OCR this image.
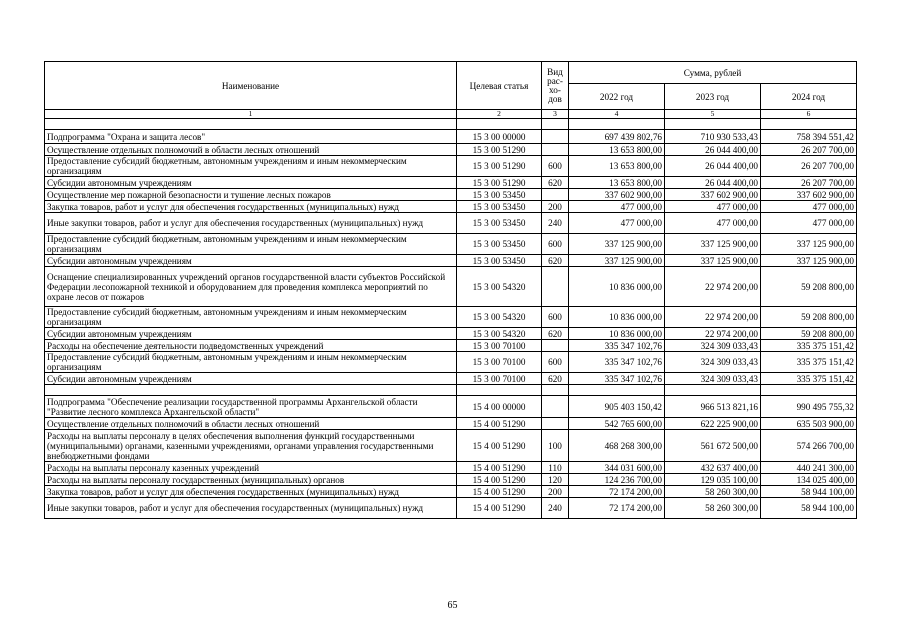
Наименование	Целевая статья	Вид
рас-
хо-
дов	Сумма, рублей		
			2022 год	2023 год	2024 год
1	2	3	4	5	6

Подпрограмма "Охрана и защита лесов"	15 3 00 00000		697 439 802,76	710 930 533,43	758 394 551,42
Осуществление отдельных полномочий в области лесных отношений	15 3 00 51290		13 653 800,00	26 044 400,00	26 207 700,00
Предоставление субсидий бюджетным, автономным учреждениям и иным некоммерческим организациям	15 3 00 51290	600	13 653 800,00	26 044 400,00	26 207 700,00
Субсидии автономным учреждениям	15 3 00 51290	620	13 653 800,00	26 044 400,00	26 207 700,00
Осуществление мер пожарной безопасности и тушение лесных пожаров	15 3 00 53450		337 602 900,00	337 602 900,00	337 602 900,00
Закупка товаров, работ и услуг для обеспечения государственных (муниципальных) нужд	15 3 00 53450	200	477 000,00	477 000,00	477 000,00
Иные закупки товаров, работ и услуг для обеспечения государственных (муниципальных) нужд	15 3 00 53450	240	477 000,00	477 000,00	477 000,00
Предоставление субсидий бюджетным, автономным учреждениям и иным некоммерческим организациям	15 3 00 53450	600	337 125 900,00	337 125 900,00	337 125 900,00
Субсидии автономным учреждениям	15 3 00 53450	620	337 125 900,00	337 125 900,00	337 125 900,00
Оснащение специализированных учреждений органов государственной власти субъектов Российской Федерации лесопожарной техникой и оборудованием для проведения комплекса мероприятий по охране лесов от пожаров	15 3 00 54320		10 836 000,00	22 974 200,00	59 208 800,00
Предоставление субсидий бюджетным, автономным учреждениям и иным некоммерческим организациям	15 3 00 54320	600	10 836 000,00	22 974 200,00	59 208 800,00
Субсидии автономным учреждениям	15 3 00 54320	620	10 836 000,00	22 974 200,00	59 208 800,00
Расходы на обеспечение деятельности подведомственных учреждений	15 3 00 70100		335 347 102,76	324 309 033,43	335 375 151,42
Предоставление субсидий бюджетным, автономным учреждениям и иным некоммерческим организациям	15 3 00 70100	600	335 347 102,76	324 309 033,43	335 375 151,42
Субсидии автономным учреждениям	15 3 00 70100	620	335 347 102,76	324 309 033,43	335 375 151,42

Подпрограмма "Обеспечение реализации государственной программы Архангельской области "Развитие лесного комплекса Архангельской области"	15 4 00 00000		905 403 150,42	966 513 821,16	990 495 755,32
Осуществление отдельных полномочий в области лесных отношений	15 4 00 51290		542 765 600,00	622 225 900,00	635 503 900,00
Расходы на выплаты персоналу в целях обеспечения выполнения функций государственными (муниципальными) органами, казенными учреждениями, органами управления государственными внебюджетными фондами	15 4 00 51290	100	468 268 300,00	561 672 500,00	574 266 700,00
Расходы на выплаты персоналу казенных учреждений	15 4 00 51290	110	344 031 600,00	432 637 400,00	440 241 300,00
Расходы на выплаты персоналу государственных (муниципальных) органов	15 4 00 51290	120	124 236 700,00	129 035 100,00	134 025 400,00
Закупка товаров, работ и услуг для обеспечения государственных (муниципальных) нужд	15 4 00 51290	200	72 174 200,00	58 260 300,00	58 944 100,00
Иные закупки товаров, работ и услуг для обеспечения государственных (муниципальных) нужд	15 4 00 51290	240	72 174 200,00	58 260 300,00	58 944 100,00
65
